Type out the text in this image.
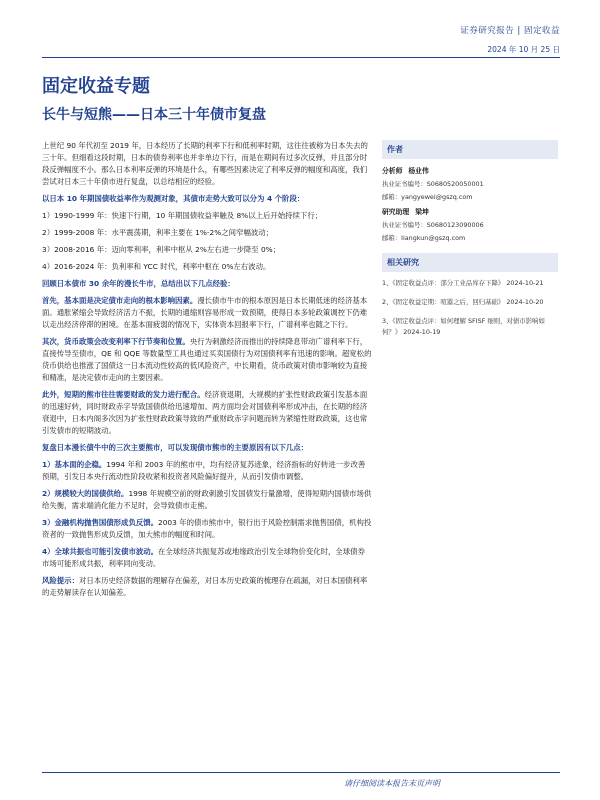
证券研究报告 | 固定收益
2024 年 10 月 25 日
固定收益专题
长牛与短熊——日本三十年债市复盘

上世纪 90 年代初至 2019 年，日本经历了长期的利率下行和低利率时期，这往往被称为日本失去的三十年。但细看这段时期，日本的债券利率也并非单边下行，而是在期间有过多次反弹，并且部分时段反弹幅度不小。那么日本利率反弹的环境是什么，有哪些因素决定了利率反弹的幅度和高度，我们尝试对日本三十年债市进行复盘，以总结相应的经验。

以日本 10 年期国债收益率作为观测对象，其债市走势大致可以分为 4 个阶段：

1）1990-1999 年：快速下行期，10 年期国债收益率触及 8%以上后开始持续下行；

2）1999-2008 年：水平震荡期，利率主要在 1%-2%之间窄幅波动；

3）2008-2016 年：迈向零利率，利率中枢从 2%左右进一步降至 0%；

4）2016-2024 年：负利率和 YCC 时代，利率中枢在 0%左右波动。

回顾日本债市 30 余年的漫长牛市，总结出以下几点经验：

首先，基本面是决定债市走向的根本影响因素。漫长债市牛市的根本原因是日本长期低迷的经济基本面。通胀紧缩会导致经济活力不振，长期的通缩则容易形成一致预期，使得日本多轮政策调控下仍难以走出经济停滞的困境。在基本面疲弱的情况下，实体资本回报率下行，广谱利率也随之下行。

其次，货币政策会改变利率下行节奏和位置。央行为刺激经济而推出的持续降息带动广谱利率下行，直接传导至债市，QE 和 QQE 等数量型工具也通过买卖国债行为对国债利率有迅速的影响。超宽松的货币供给也推涨了国债这一日本流动性较高的低风险资产，中长期看，货币政策对债市影响较为直接和精准，是决定债市走向的主要因素。

此外，短期的熊市往往需要财政的发力进行配合。经济衰退期，大规模的扩张性财政政策引发基本面的迅速好转，同时财政赤字导致国债供给迅速增加。两方面均会对国债利率形成冲击，在长期的经济衰退中，日本内阁多次因为扩张性财政政策导致的严重财政赤字问题而转为紧缩性财政政策，这也常引发债市的短期波动。

复盘日本漫长债牛中的三次主要熊市，可以发现债市熊市的主要原因有以下几点：

1）基本面的企稳。1994 年和 2003 年的熊市中，均有经济复苏迹象，经济指标的好转进一步改善预期，引发日本央行流动性阶段收紧和投资者风险偏好提升，从而引发债市调整。

2）规模较大的国债供给。1998 年规模空前的财政刺激引发国债发行量激增，使得短期内国债市场供给失衡，需求端消化能力不足时，会导致债市走熊。

3）金融机构抛售国债形成负反馈。2003 年的债市熊市中，银行出于风险控制需求抛售国债，机构投资者的一致抛售形成负反馈，加大熊市的幅度和时间。

4）全球共振也可能引发债市波动。在全球经济共振复苏或地缘政治引发全球物价变化时，全球债券市场可能形成共振，利率同向变动。

风险提示：对日本历史经济数据的理解存在偏差，对日本历史政策的梳理存在疏漏，对日本国债利率的走势解读存在认知偏差。

作者
分析师 杨业伟
执业证书编号：S0680520050001
邮箱：yangyewei@gszq.com
研究助理 梁坤
执业证书编号：S0680123090006
邮箱：liangkun@gszq.com
相关研究
1、《固定收益点评：部分工业品库存下降》 2024-10-21
2、《固定收益定期：喧嚣之后，回归基础》 2024-10-20
3、《固定收益点评：如何理解 SFISF 细则，对债市影响如何？》 2024-10-19
请仔细阅读本报告末页声明
